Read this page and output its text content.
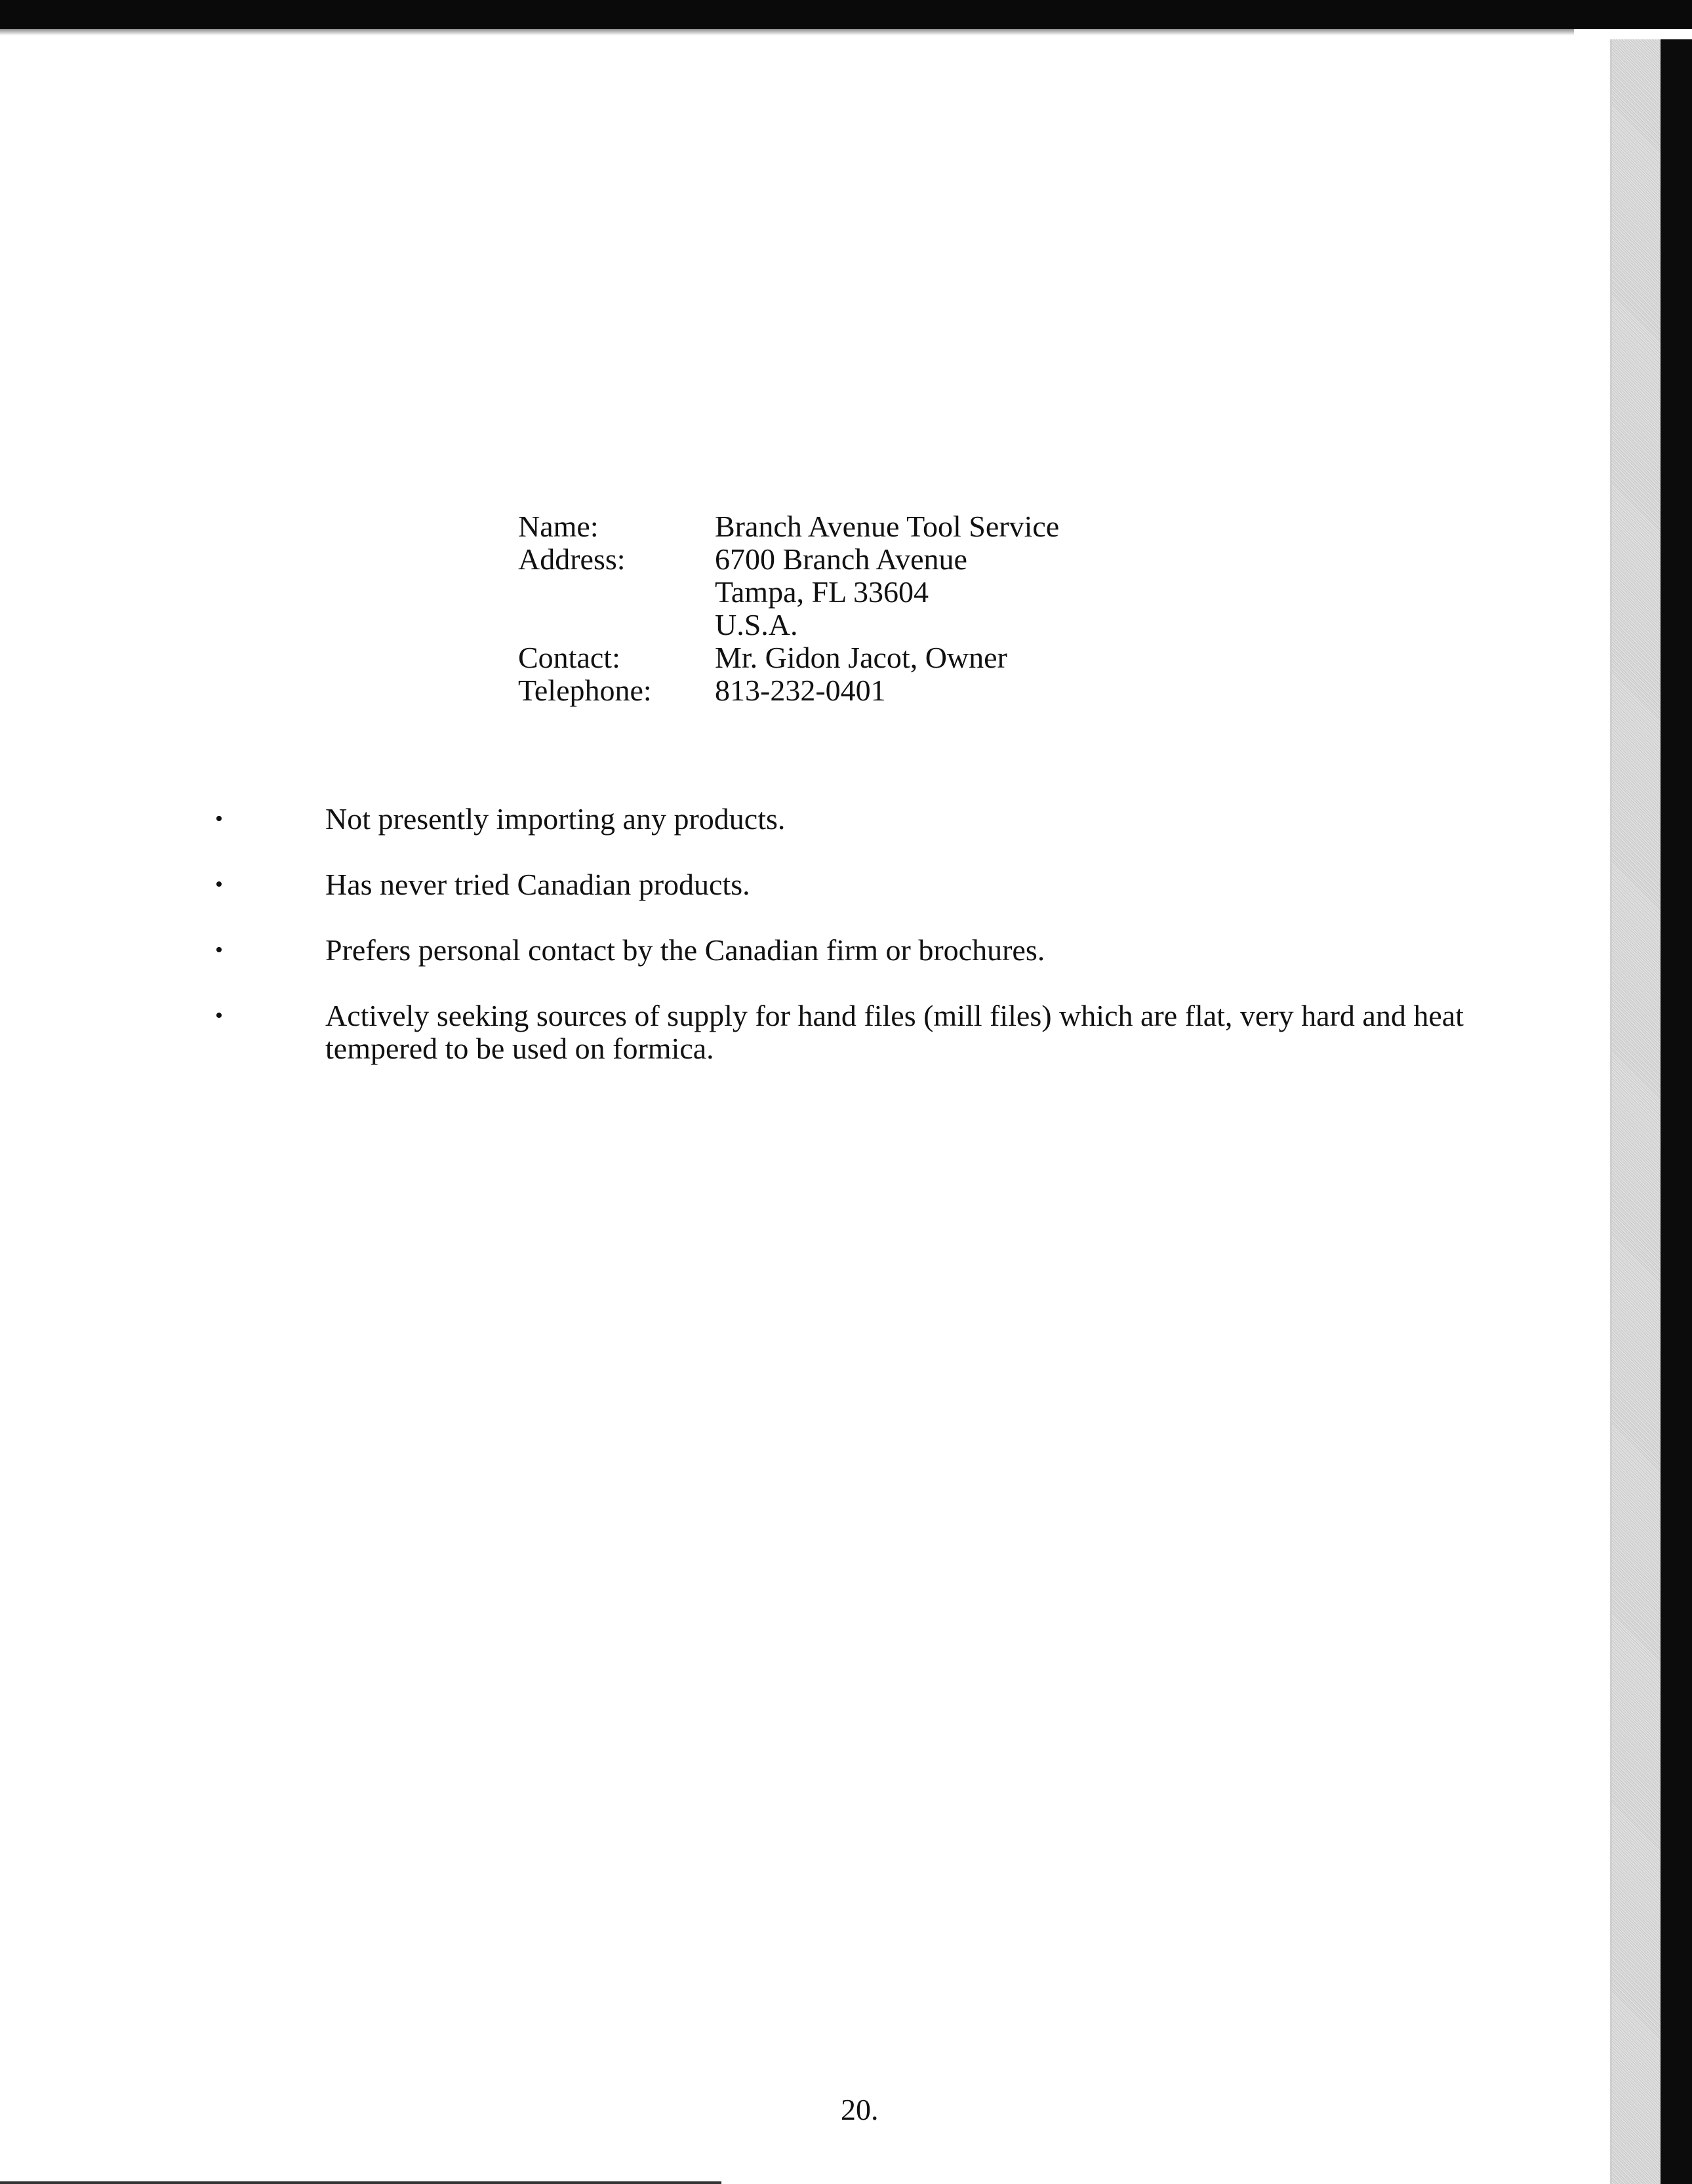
Name:	Branch Avenue Tool Service
Address:	6700 Branch Avenue
Tampa, FL 33604
U.S.A.
Contact:	Mr. Gidon Jacot, Owner
Telephone:	813-232-0401
•	Not presently importing any products.
•	Has never tried Canadian products.
•	Prefers personal contact by the Canadian firm or brochures.
•	Actively seeking sources of supply for hand files (mill files) which are flat, very hard and heat tempered to be used on formica.
20.
